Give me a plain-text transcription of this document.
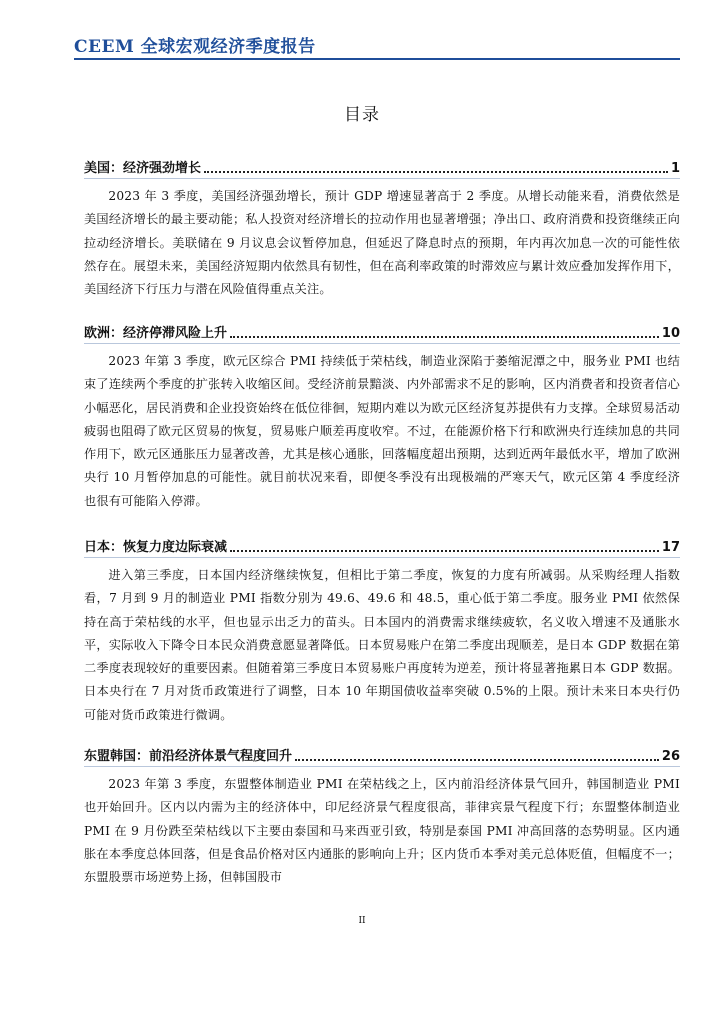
CEEM 全球宏观经济季度报告
目录
美国：经济强劲增长	1

2023 年 3 季度，美国经济强劲增长，预计 GDP 增速显著高于 2 季度。从增长动能来看，消费依然是美国经济增长的最主要动能；私人投资对经济增长的拉动作用也显著增强；净出口、政府消费和投资继续正向拉动经济增长。美联储在 9 月议息会议暂停加息，但延迟了降息时点的预期，年内再次加息一次的可能性依然存在。展望未来，美国经济短期内依然具有韧性，但在高利率政策的时滞效应与累计效应叠加发挥作用下，美国经济下行压力与潜在风险值得重点关注。

欧洲：经济停滞风险上升	10

2023 年第 3 季度，欧元区综合 PMI 持续低于荣枯线，制造业深陷于萎缩泥潭之中，服务业 PMI 也结束了连续两个季度的扩张转入收缩区间。受经济前景黯淡、内外部需求不足的影响，区内消费者和投资者信心小幅恶化，居民消费和企业投资始终在低位徘徊，短期内难以为欧元区经济复苏提供有力支撑。全球贸易活动疲弱也阻碍了欧元区贸易的恢复，贸易账户顺差再度收窄。不过，在能源价格下行和欧洲央行连续加息的共同作用下，欧元区通胀压力显著改善，尤其是核心通胀，回落幅度超出预期，达到近两年最低水平，增加了欧洲央行 10 月暂停加息的可能性。就目前状况来看，即便冬季没有出现极端的严寒天气，欧元区第 4 季度经济也很有可能陷入停滞。

日本：恢复力度边际衰减	17

进入第三季度，日本国内经济继续恢复，但相比于第二季度，恢复的力度有所减弱。从采购经理人指数看，7 月到 9 月的制造业 PMI 指数分别为 49.6、49.6 和 48.5，重心低于第二季度。服务业 PMI 依然保持在高于荣枯线的水平，但也显示出乏力的苗头。日本国内的消费需求继续疲软，名义收入增速不及通胀水平，实际收入下降令日本民众消费意愿显著降低。日本贸易账户在第二季度出现顺差，是日本 GDP 数据在第二季度表现较好的重要因素。但随着第三季度日本贸易账户再度转为逆差，预计将显著拖累日本 GDP 数据。日本央行在 7 月对货币政策进行了调整，日本 10 年期国债收益率突破 0.5%的上限。预计未来日本央行仍可能对货币政策进行微调。

东盟韩国：前沿经济体景气程度回升	26

2023 年第 3 季度，东盟整体制造业 PMI 在荣枯线之上，区内前沿经济体景气回升，韩国制造业 PMI 也开始回升。区内以内需为主的经济体中，印尼经济景气程度很高，菲律宾景气程度下行；东盟整体制造业 PMI 在 9 月份跌至荣枯线以下主要由泰国和马来西亚引致，特别是泰国 PMI 冲高回落的态势明显。区内通胀在本季度总体回落，但是食品价格对区内通胀的影响向上升；区内货币本季对美元总体贬值，但幅度不一；东盟股票市场逆势上扬，但韩国股市

II
